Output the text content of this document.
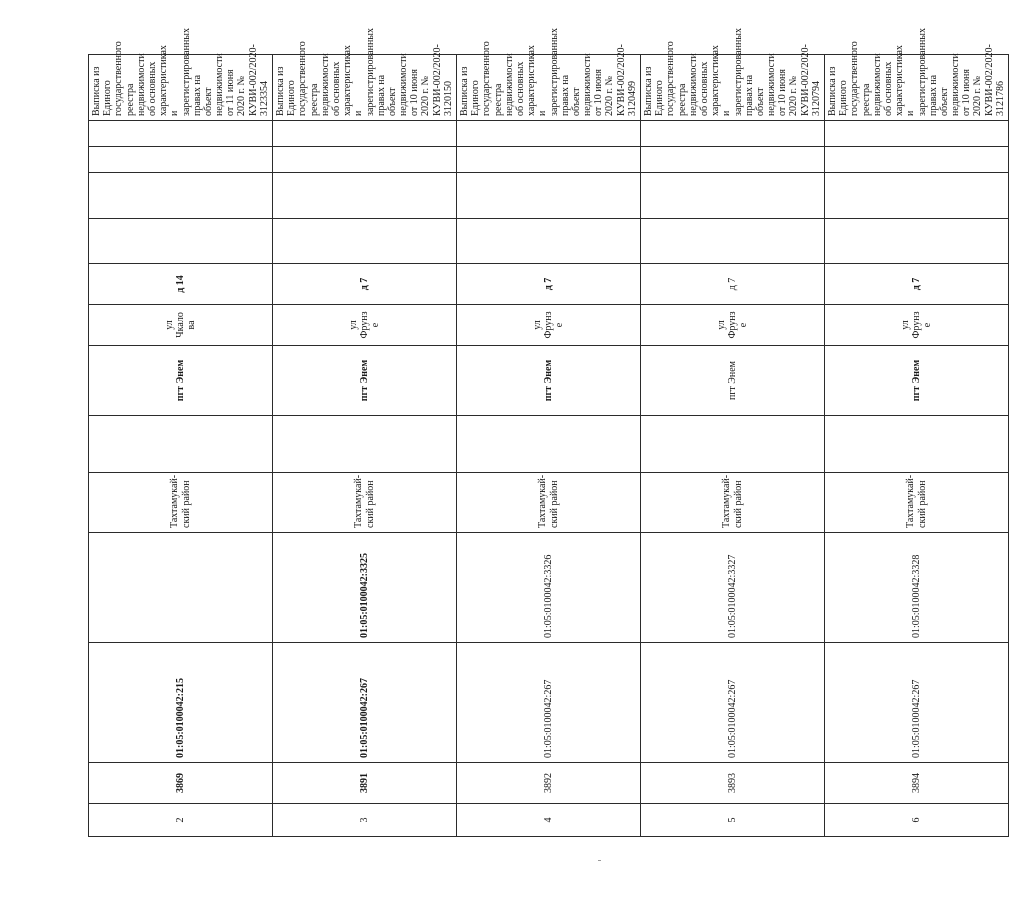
2	3869	01:05:0100042:215		Тахтамукайский район		пгт Энем	ул Чкало ва	д 14					Выписка из Единого государственного реестра недвижимости об основных характеристиках и зарегистрированных правах на объект недвижимости от 11 июня 2020 г. № КУВИ-002/2020-3123354
3	3891	01:05:0100042:267	01:05:0100042:3325	Тахтамукайский район		пгт Энем	ул Фрунз е	д 7					Выписка из Единого государственного реестра недвижимости об основных характеристиках и зарегистрированных правах на объект недвижимости от 10 июня 2020 г. № КУВИ-002/2020-3120150
4	3892	01:05:0100042:267	01:05:0100042:3326	Тахтамукайский район		пгт Энем	ул Фрунз е	д 7					Выписка из Единого государственного реестра недвижимости об основных характеристиках и зарегистрированных правах на объект недвижимости от 10 июня 2020 г. № КУВИ-002/2020-3120499
5	3893	01:05:0100042:267	01:05:0100042:3327	Тахтамукайский район		пгт Энем	ул Фрунз е	д 7					Выписка из Единого государственного реестра недвижимости об основных характеристиках и зарегистрированных правах на объект недвижимости от 10 июня 2020 г. № КУВИ-002/2020-3120794
6	3894	01:05:0100042:267	01:05:0100042:3328	Тахтамукайский район		пгт Энем	ул Фрунз е	д 7					Выписка из Единого государственного реестра недвижимости об основных характеристиках и зарегистрированных правах на объект недвижимости от 10 июня 2020 г. № КУВИ-002/2020-3121786
